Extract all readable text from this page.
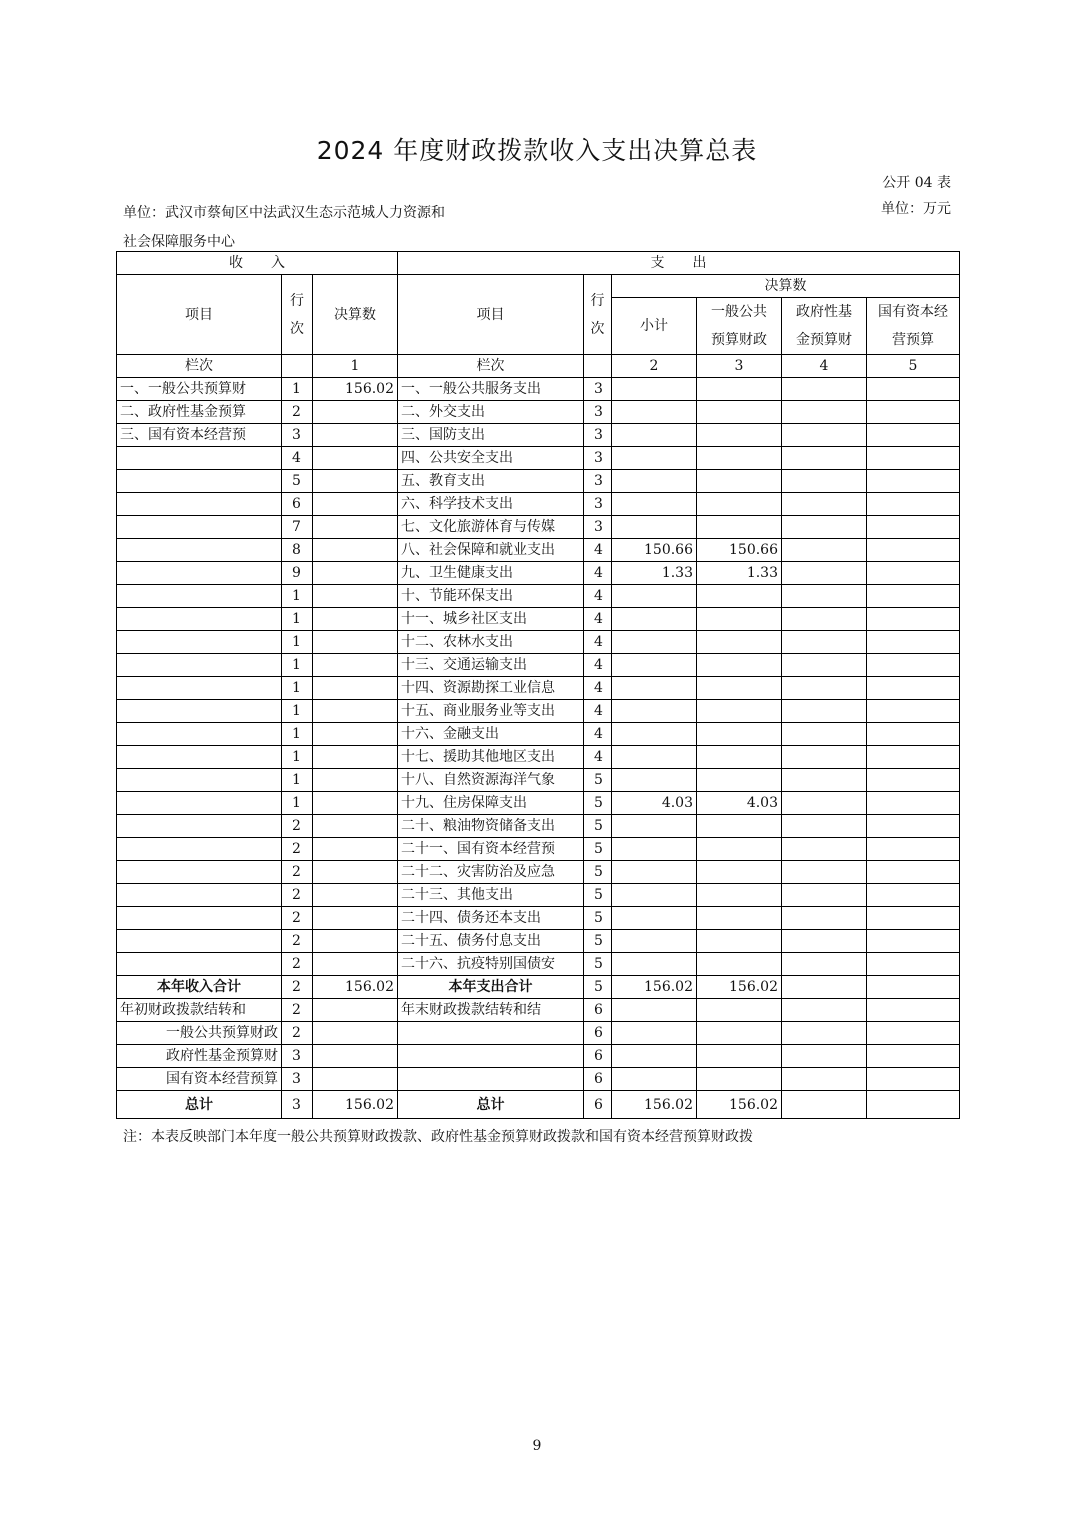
2024 年度财政拨款收入支出决算总表
公开 04 表
单位：武汉市蔡甸区中法武汉生态示范城人力资源和社会保障服务中心
单位：万元
收　　入			支　　出					
项目	行次	决算数	项目	行次	决算数			
					小计	一般公共预算财政	政府性基金预算财	国有资本经营预算
栏次		1	栏次		2	3	4	5
一、一般公共预算财	1	156.02	一、一般公共服务支出	3				
二、政府性基金预算	2		二、外交支出	3				
三、国有资本经营预	3		三、国防支出	3				
	4		四、公共安全支出	3				
	5		五、教育支出	3				
	6		六、科学技术支出	3				
	7		七、文化旅游体育与传媒	3				
	8		八、社会保障和就业支出	4	150.66	150.66		
	9		九、卫生健康支出	4	1.33	1.33		
	1		十、节能环保支出	4				
	1		十一、城乡社区支出	4				
	1		十二、农林水支出	4				
	1		十三、交通运输支出	4				
	1		十四、资源勘探工业信息	4				
	1		十五、商业服务业等支出	4				
	1		十六、金融支出	4				
	1		十七、援助其他地区支出	4				
	1		十八、自然资源海洋气象	5				
	1		十九、住房保障支出	5	4.03	4.03		
	2		二十、粮油物资储备支出	5				
	2		二十一、国有资本经营预	5				
	2		二十二、灾害防治及应急	5				
	2		二十三、其他支出	5				
	2		二十四、债务还本支出	5				
	2		二十五、债务付息支出	5				
	2		二十六、抗疫特别国债安	5				
本年收入合计	2	156.02	本年支出合计	5	156.02	156.02		
年初财政拨款结转和	2		年末财政拨款结转和结	6				
一般公共预算财政	2			6				
政府性基金预算财	3			6				
国有资本经营预算	3			6				
总计	3	156.02	总计	6	156.02	156.02		
注：本表反映部门本年度一般公共预算财政拨款、政府性基金预算财政拨款和国有资本经营预算财政拨
9
